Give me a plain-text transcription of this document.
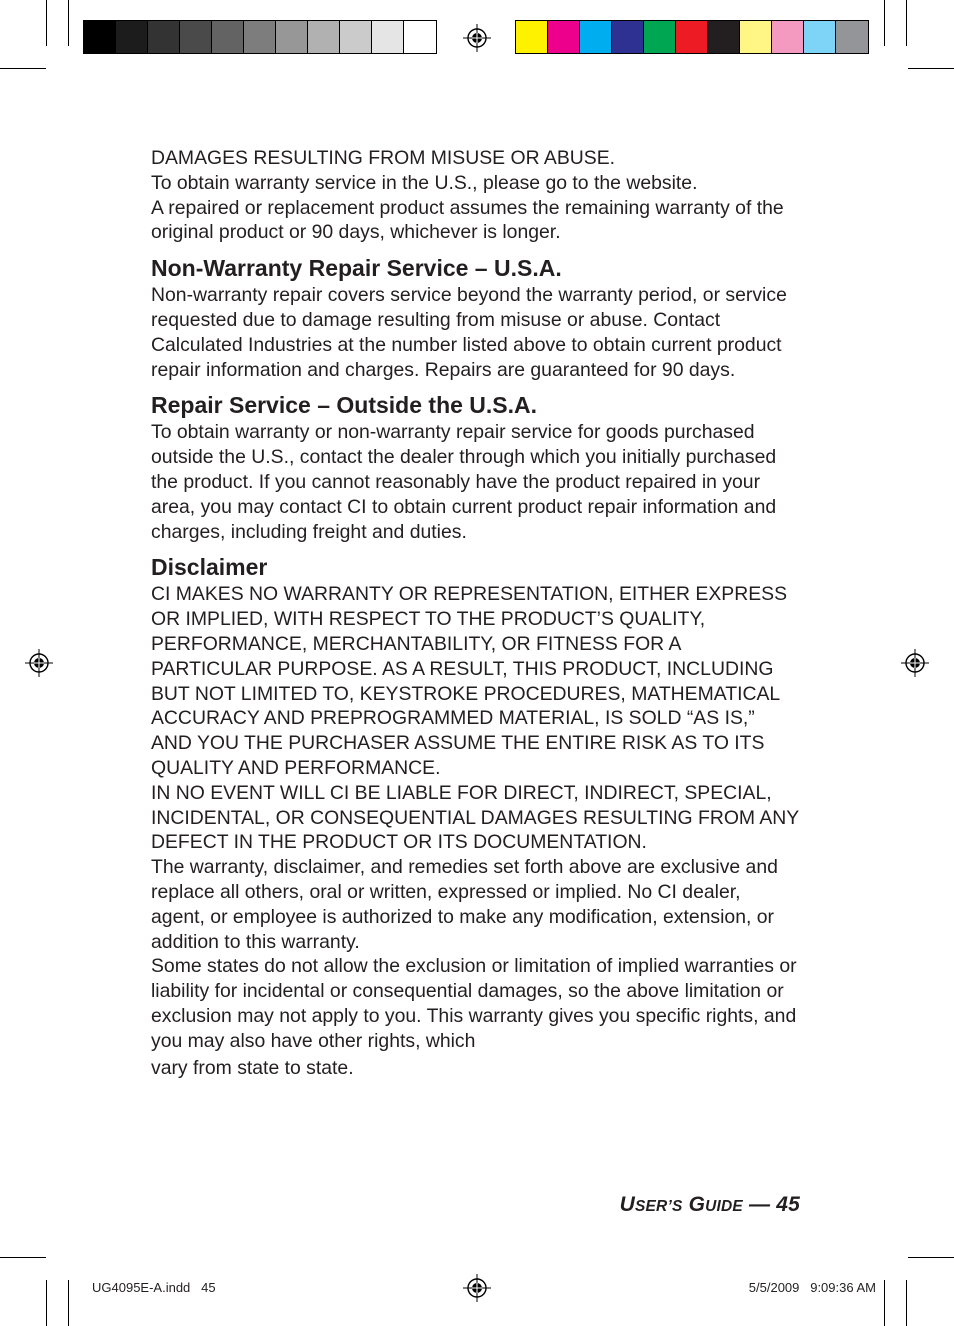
DAMAGES RESULTING FROM MISUSE OR ABUSE.

To obtain warranty service in the U.S., please go to the website.

A repaired or replacement product assumes the remaining warranty of the original product or 90 days, whichever is longer.

Non-Warranty Repair Service – U.S.A.

Non-warranty repair covers service beyond the warranty period, or service requested due to damage resulting from misuse or abuse. Contact Calculated Industries at the number listed above to obtain current product repair information and charges. Repairs are guaranteed for 90 days.

Repair Service – Outside the U.S.A.

To obtain warranty or non-warranty repair service for goods purchased outside the U.S., contact the dealer through which you initially purchased the product. If you cannot reasonably have the product repaired in your area, you may contact CI to obtain current product repair information and charges, including freight and duties.

Disclaimer

CI MAKES NO WARRANTY OR REPRESENTATION, EITHER EXPRESS OR IMPLIED, WITH RESPECT TO THE PRODUCT’S QUALITY, PERFORMANCE, MERCHANTABILITY, OR FITNESS FOR A PARTICULAR PURPOSE. AS A RESULT, THIS PRODUCT, INCLUDING BUT NOT LIMITED TO, KEYSTROKE PROCEDURES, MATHEMATICAL ACCURACY AND PREPROGRAMMED MATERIAL, IS SOLD “AS IS,” AND YOU THE PURCHASER ASSUME THE ENTIRE RISK AS TO ITS QUALITY AND PERFORMANCE.

IN NO EVENT WILL CI BE LIABLE FOR DIRECT, INDIRECT, SPECIAL, INCIDENTAL, OR CONSEQUENTIAL DAMAGES RESULTING FROM ANY DEFECT IN THE PRODUCT OR ITS DOCUMENTATION.

The warranty, disclaimer, and remedies set forth above are exclusive and replace all others, oral or written, expressed or implied. No CI dealer, agent, or employee is authorized to make any modification, extension, or addition to this warranty.

Some states do not allow the exclusion or limitation of implied warranties or liability for incidental or consequential damages, so the above limitation or exclusion may not apply to you. This warranty gives you specific rights, and you may also have other rights, which

vary from state to state.

USER’S GUIDE — 45
UG4095E-A.indd   45	5/5/2009   9:09:36 AM
